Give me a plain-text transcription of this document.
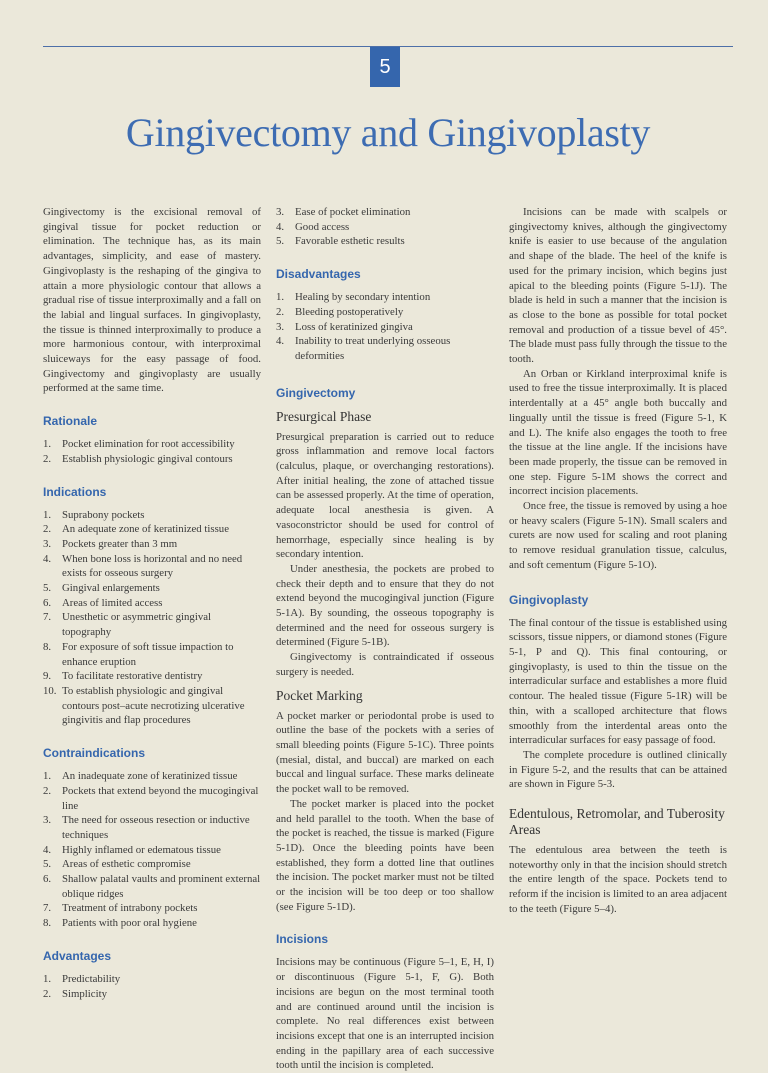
5
Gingivectomy and Gingivoplasty

Gingivectomy is the excisional removal of gingival tissue for pocket reduction or elimination. The technique has, as its main advantages, simplicity, and ease of mastery. Gingivoplasty is the reshaping of the gingiva to attain a more physiologic contour that allows a gradual rise of tissue interproximally and a fall on the labial and lingual surfaces. In gingivoplasty, the tissue is thinned interproximally to produce a more harmonious contour, with interproximal sluiceways for the easy passage of food. Gingivectomy and gingivoplasty are usually performed at the same time.

Rationale
1. Pocket elimination for root accessibility
2. Establish physiologic gingival contours
Indications
1. Suprabony pockets
2. An adequate zone of keratinized tissue
3. Pockets greater than 3 mm
4. When bone loss is horizontal and no need exists for osseous surgery
5. Gingival enlargements
6. Areas of limited access
7. Unesthetic or asymmetric gingival topography
8. For exposure of soft tissue impaction to enhance eruption
9. To facilitate restorative dentistry
10. To establish physiologic and gingival contours post–acute necrotizing ulcerative gingivitis and flap procedures
Contraindications
1. An inadequate zone of keratinized tissue
2. Pockets that extend beyond the mucogingival line
3. The need for osseous resection or inductive techniques
4. Highly inflamed or edematous tissue
5. Areas of esthetic compromise
6. Shallow palatal vaults and prominent external oblique ridges
7. Treatment of intrabony pockets
8. Patients with poor oral hygiene
Advantages
1. Predictability
2. Simplicity
3. Ease of pocket elimination
4. Good access
5. Favorable esthetic results
Disadvantages
1. Healing by secondary intention
2. Bleeding postoperatively
3. Loss of keratinized gingiva
4. Inability to treat underlying osseous deformities
Gingivectomy
Presurgical Phase

Presurgical preparation is carried out to reduce gross inflammation and remove local factors (calculus, plaque, or overchanging restorations). After initial healing, the zone of attached tissue can be assessed properly. At the time of operation, adequate local anesthesia is given. A vasoconstrictor should be used for control of hemorrhage, especially since healing is by secondary intention.

Under anesthesia, the pockets are probed to check their depth and to ensure that they do not extend beyond the mucogingival junction (Figure 5-1A). By sounding, the osseous topography is determined and the need for osseous surgery is determined (Figure 5-1B).

Gingivectomy is contraindicated if osseous surgery is needed.

Pocket Marking

A pocket marker or periodontal probe is used to outline the base of the pockets with a series of small bleeding points (Figure 5-1C). Three points (mesial, distal, and buccal) are marked on each buccal and lingual surface. These marks delineate the pocket wall to be removed.

The pocket marker is placed into the pocket and held parallel to the tooth. When the base of the pocket is reached, the tissue is marked (Figure 5-1D). Once the bleeding points have been established, they form a dotted line that outlines the incision. The pocket marker must not be tilted or the incision will be too deep or too shallow (see Figure 5-1D).

Incisions

Incisions may be continuous (Figure 5–1, E, H, I) or discontinuous (Figure 5-1, F, G). Both incisions are begun on the most terminal tooth and are continued around until the incision is complete. No real differences exist between incisions except that one is an interrupted incision ending in the papillary area of each successive tooth until the incision is completed.

Incisions can be made with scalpels or gingivectomy knives, although the gingivectomy knife is easier to use because of the angulation and shape of the blade. The heel of the knife is used for the primary incision, which begins just apical to the bleeding points (Figure 5-1J). The blade is held in such a manner that the incision is as close to the bone as possible for total pocket removal and production of a tissue bevel of 45°. The blade must pass fully through the tissue to the tooth.

An Orban or Kirkland interproximal knife is used to free the tissue interproximally. It is placed interdentally at a 45° angle both buccally and lingually until the tissue is freed (Figure 5-1, K and L). The knife also engages the tooth to free the tissue at the line angle. If the incisions have been made properly, the tissue can be removed in one step. Figure 5-1M shows the correct and incorrect incision placements.

Once free, the tissue is removed by using a hoe or heavy scalers (Figure 5-1N). Small scalers and curets are now used for scaling and root planing to remove residual granulation tissue, calculus, and soft cementum (Figure 5-1O).

Gingivoplasty

The final contour of the tissue is established using scissors, tissue nippers, or diamond stones (Figure 5-1, P and Q). This final contouring, or gingivoplasty, is used to thin the tissue on the interradicular surface and establishes a more fluid contour. The healed tissue (Figure 5-1R) will be thin, with a scalloped architecture that flows smoothly from the interdental areas onto the interradicular surfaces for easy passage of food.

The complete procedure is outlined clinically in Figure 5-2, and the results that can be attained are shown in Figure 5-3.

Edentulous, Retromolar, and Tuberosity Areas

The edentulous area between the teeth is noteworthy only in that the incision should stretch the entire length of the space. Pockets tend to reform if the incision is limited to an area adjacent to the teeth (Figure 5–4).
